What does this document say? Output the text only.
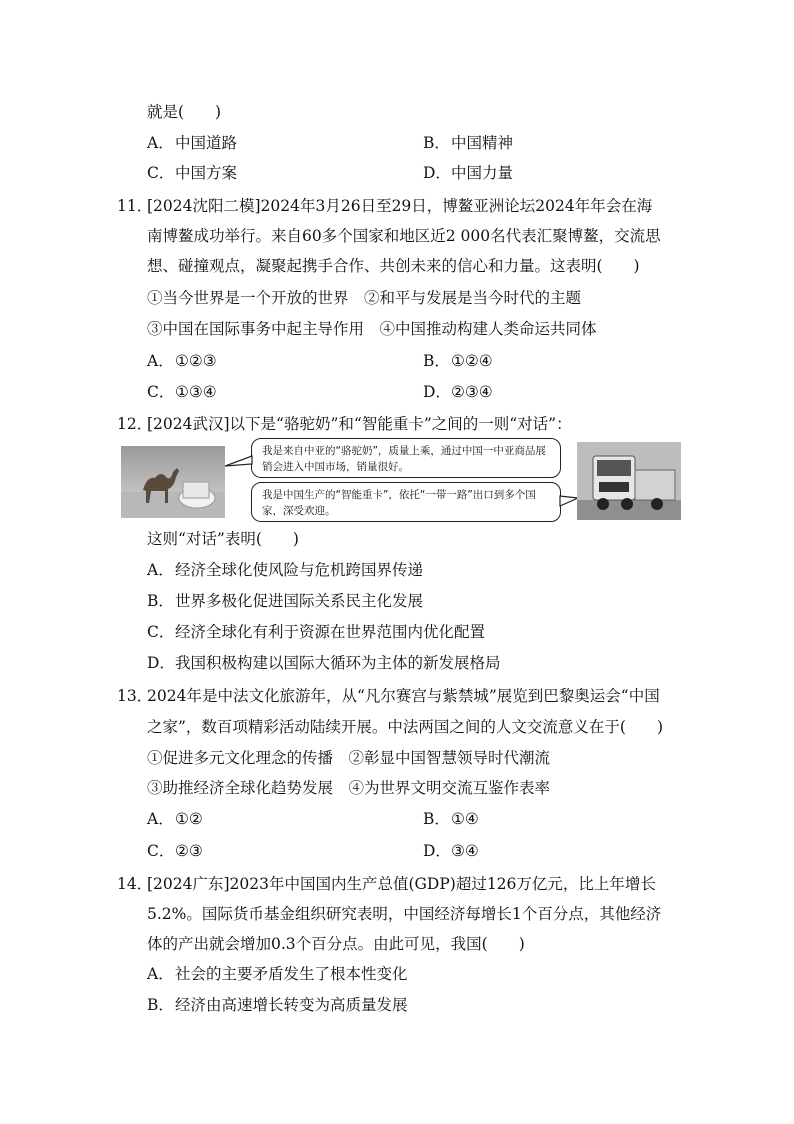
就是(　　)
A．中国道路	B．中国精神
C．中国方案	D．中国力量
11．
[2024沈阳二模]2024年3月26日至29日，博鳌亚洲论坛2024年年会在海
南博鳌成功举行。来自60多个国家和地区近2 000名代表汇聚博鳌，交流思
想、碰撞观点，凝聚起携手合作、共创未来的信心和力量。这表明(　　)
①当今世界是一个开放的世界　②和平与发展是当今时代的主题
③中国在国际事务中起主导作用　④中国推动构建人类命运共同体
A．①②③	B．①②④
C．①③④	D．②③④
12．
[2024武汉]以下是“骆驼奶”和“智能重卡”之间的一则“对话”：
我是来自中亚的“骆驼奶”，质量上乘，通过中国一中亚商品展销会进入中国市场，销量很好。
我是中国生产的“智能重卡”，依托“一带一路”出口到多个国家，深受欢迎。
这则“对话”表明(　　)
A．经济全球化使风险与危机跨国界传递
B．世界多极化促进国际关系民主化发展
C．经济全球化有利于资源在世界范围内优化配置
D．我国积极构建以国际大循环为主体的新发展格局
13．
2024年是中法文化旅游年，从“凡尔赛宫与紫禁城”展览到巴黎奥运会“中国
之家”，数百项精彩活动陆续开展。中法两国之间的人文交流意义在于(　　)
①促进多元文化理念的传播　②彰显中国智慧领导时代潮流
③助推经济全球化趋势发展　④为世界文明交流互鉴作表率
A．①②	B．①④
C．②③	D．③④
14．
[2024广东]2023年中国国内生产总值(GDP)超过126万亿元，比上年增长
5.2%。国际货币基金组织研究表明，中国经济每增长1个百分点，其他经济
体的产出就会增加0.3个百分点。由此可见，我国(　　)
A．社会的主要矛盾发生了根本性变化
B．经济由高速增长转变为高质量发展
